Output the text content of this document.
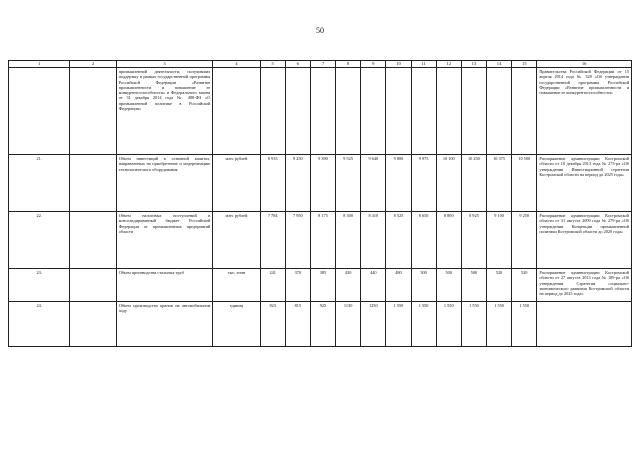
50
1	2	3	4	5	6	7	8	9	10	11	12	13	14	15	16
		промышленной деятельности, получивших поддержку в рамках государственной программы Российской Федерации «Развитие промышленности и повышение ее конкурентоспособности» и Федерального закона от 31 декабря 2014 года № 488-ФЗ «О промышленной политике в Российской Федерации»													Правительства Российской Федерации от 15 апреля 2014 года № 328 «Об утверждении государственной программы Российской Федерации «Развитие промышленности и повышение ее конкурентоспособности»
21.		Объем инвестиций в основной капитал, направленных на приобретение и модернизацию технологического оборудования	млн. рублей	8 935	9 250	9 390	9 525	9 640	9 800	9 975	10 100	10 250	10 375	10 500	Распоряжение администрации Костромской области от 10 декабря 2013 года № 273-ра «Об утверждении Инвестиционной стратегии Костромской области на период до 2025 года»
22.		Объем налоговых поступлений в консолидированный бюджет Российской Федерации от промышленных предприятий области	млн. рублей	7 784	7 950	8 175	8 300	8 410	8 525	8 650	8 800	8 925	9 100	9 250	Распоряжение администрации Костромской области от 31 августа 2009 года № 279-ра «Об утверждении Концепции промышленной политики Костромской области до 2020 года»
23.		Объем производства стальных труб	тыс. тонн	241	370	385	430	440	480	500	500	500	520	520	Распоряжение администрации Костромской области от 27 августа 2013 года № 189-ра «Об утверждении Стратегии социально-экономического развития Костромской области на период до 2025 года»
24.		Объем производства кранов на автомобильном ходу	единиц	823	815	925	1130	1250	1 550	1 550	1 550	1 550	1 550	1 550	
